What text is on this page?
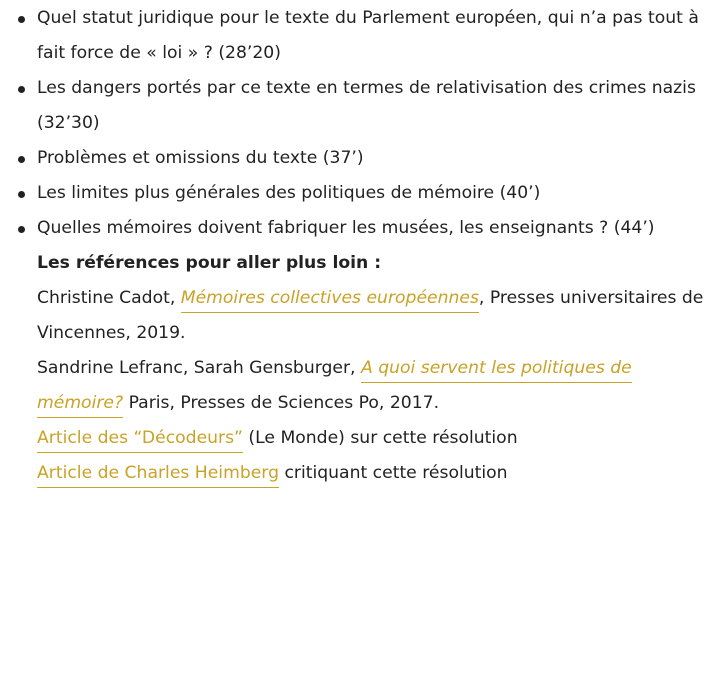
Quel statut juridique pour le texte du Parlement européen, qui n’a pas tout à fait force de « loi » ? (28’20)
Les dangers portés par ce texte en termes de relativisation des crimes nazis (32’30)
Problèmes et omissions du texte (37’)
Les limites plus générales des politiques de mémoire (40’)
Quelles mémoires doivent fabriquer les musées, les enseignants ? (44’)

Les références pour aller plus loin :

Christine Cadot, Mémoires collectives européennes, Presses universitaires de Vincennes, 2019.

Sandrine Lefranc, Sarah Gensburger, A quoi servent les politiques de mémoire? Paris, Presses de Sciences Po, 2017.

Article des “Décodeurs” (Le Monde) sur cette résolution

Article de Charles Heimberg critiquant cette résolution
